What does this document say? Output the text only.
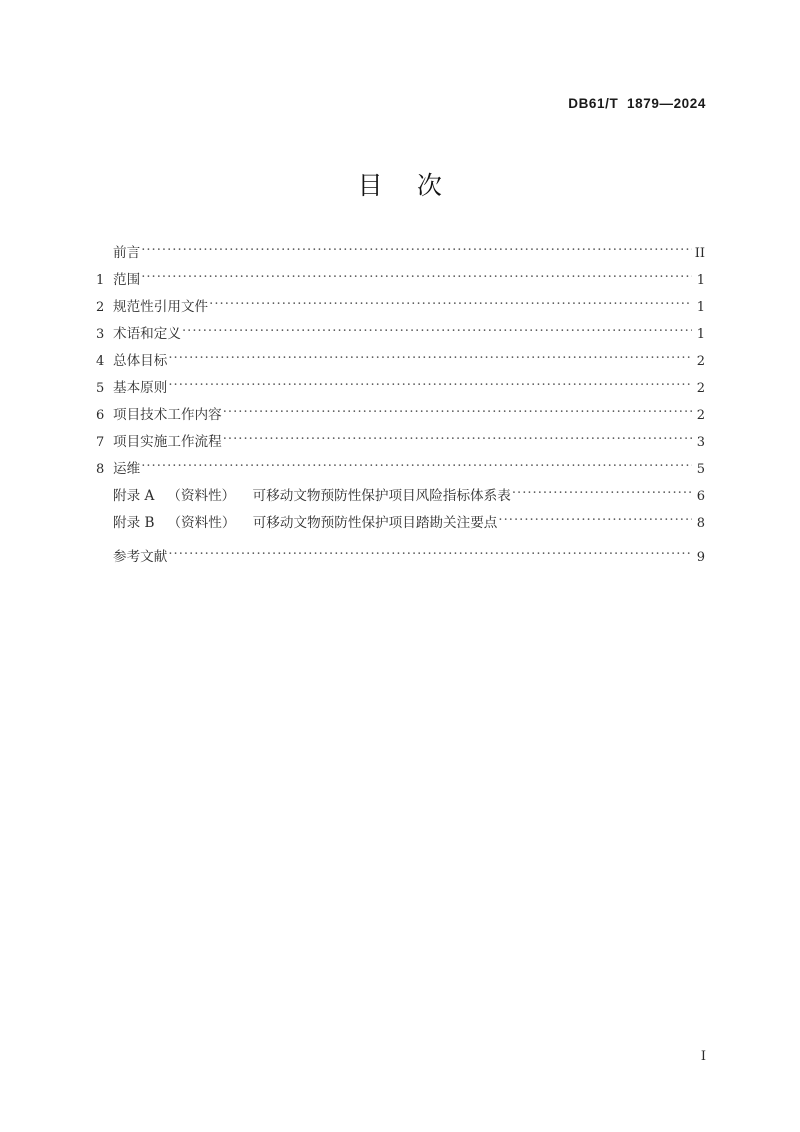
DB61/T  1879—2024
目    次
前言 .....	II
1 范围 .....	1
2 规范性引用文件 .....	1
3 术语和定义 .....	1
4 总体目标 .....	2
5 基本原则 .....	2
6 项目技术工作内容 .....	2
7 项目实施工作流程 .....	3
8 运维 .....	5
附录 A   （资料性）    可移动文物预防性保护项目风险指标体系表 .....	6
附录 B   （资料性）    可移动文物预防性保护项目踏勘关注要点 .....	8
参考文献 .....	9
I
